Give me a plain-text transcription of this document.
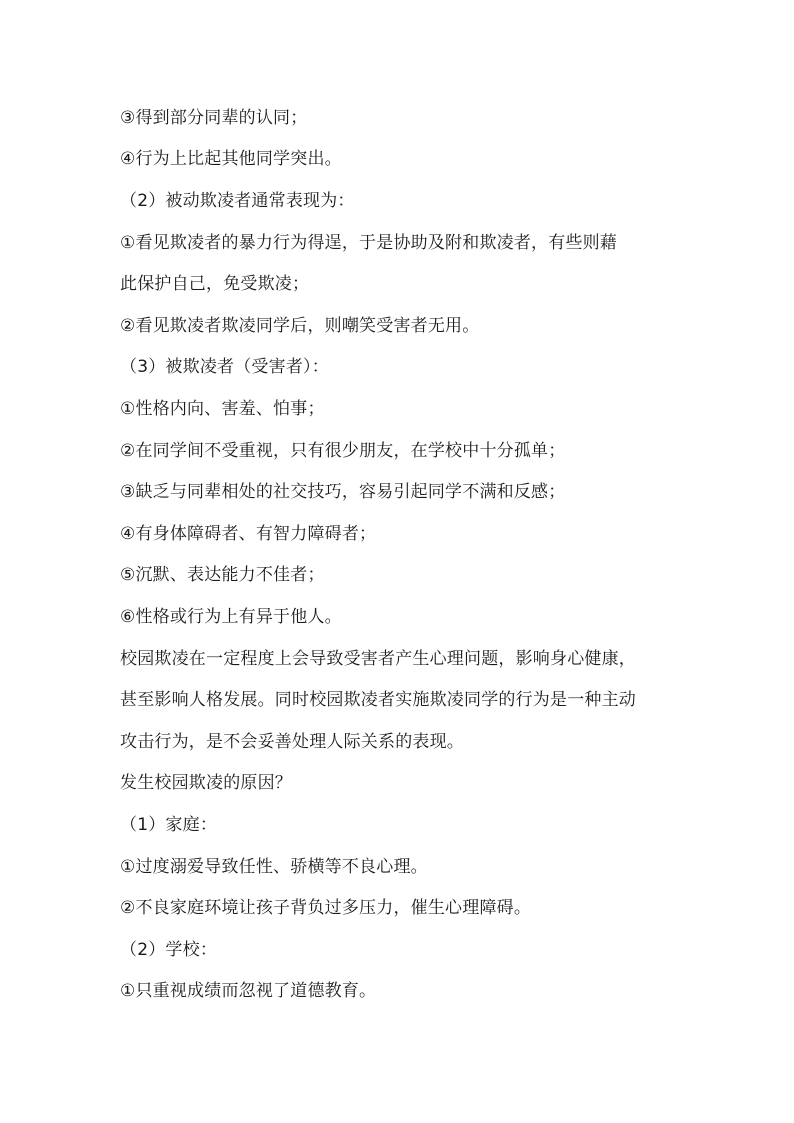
③得到部分同辈的认同；
④行为上比起其他同学突出。
（2）被动欺凌者通常表现为：
①看见欺凌者的暴力行为得逞，于是协助及附和欺凌者，有些则藉
此保护自己，免受欺凌；
②看见欺凌者欺凌同学后，则嘲笑受害者无用。
（3）被欺凌者（受害者）：
①性格内向、害羞、怕事；
②在同学间不受重视，只有很少朋友，在学校中十分孤单；
③缺乏与同辈相处的社交技巧，容易引起同学不满和反感；
④有身体障碍者、有智力障碍者；
⑤沉默、表达能力不佳者；
⑥性格或行为上有异于他人。
校园欺凌在一定程度上会导致受害者产生心理问题，影响身心健康，
甚至影响人格发展。同时校园欺凌者实施欺凌同学的行为是一种主动
攻击行为，是不会妥善处理人际关系的表现。
发生校园欺凌的原因？
（1）家庭：
①过度溺爱导致任性、骄横等不良心理。
②不良家庭环境让孩子背负过多压力，催生心理障碍。
（2）学校：
①只重视成绩而忽视了道德教育。
